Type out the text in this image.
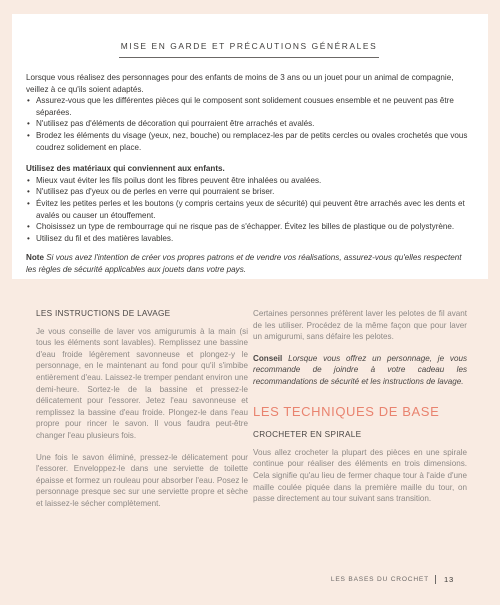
MISE EN GARDE ET PRÉCAUTIONS GÉNÉRALES

Lorsque vous réalisez des personnages pour des enfants de moins de 3 ans ou un jouet pour un animal de compagnie, veillez à ce qu'ils soient adaptés.

• Assurez-vous que les différentes pièces qui le composent sont solidement cousues ensemble et ne peuvent pas être séparées.
• N'utilisez pas d'éléments de décoration qui pourraient être arrachés et avalés.
• Brodez les éléments du visage (yeux, nez, bouche) ou remplacez-les par de petits cercles ou ovales crochetés que vous coudrez solidement en place.

Utilisez des matériaux qui conviennent aux enfants.

• Mieux vaut éviter les fils poilus dont les fibres peuvent être inhalées ou avalées.
• N'utilisez pas d'yeux ou de perles en verre qui pourraient se briser.
• Évitez les petites perles et les boutons (y compris certains yeux de sécurité) qui peuvent être arrachés avec les dents et avalés ou causer un étouffement.
• Choisissez un type de rembourrage qui ne risque pas de s'échapper. Évitez les billes de plastique ou de polystyrène.
• Utilisez du fil et des matières lavables.

Note Si vous avez l'intention de créer vos propres patrons et de vendre vos réalisations, assurez-vous qu'elles respectent les règles de sécurité applicables aux jouets dans votre pays.

LES INSTRUCTIONS DE LAVAGE

Je vous conseille de laver vos amigurumis à la main (si tous les éléments sont lavables). Remplissez une bassine d'eau froide légèrement savonneuse et plongez-y le personnage, en le maintenant au fond pour qu'il s'imbibe entièrement d'eau. Laissez-le tremper pendant environ une demi-heure. Sortez-le de la bassine et pressez-le délicatement pour l'essorer. Jetez l'eau savonneuse et remplissez la bassine d'eau froide. Plongez-le dans l'eau propre pour rincer le savon. Il vous faudra peut-être changer l'eau plusieurs fois.

Une fois le savon éliminé, pressez-le délicatement pour l'essorer. Enveloppez-le dans une serviette de toilette épaisse et formez un rouleau pour absorber l'eau. Posez le personnage presque sec sur une serviette propre et sèche et laissez-le sécher complètement.

Certaines personnes préfèrent laver les pelotes de fil avant de les utiliser. Procédez de la même façon que pour laver un amigurumi, sans défaire les pelotes.

Conseil Lorsque vous offrez un personnage, je vous recommande de joindre à votre cadeau les recommandations de sécurité et les instructions de lavage.

LES TECHNIQUES DE BASE
CROCHETER EN SPIRALE

Vous allez crocheter la plupart des pièces en une spirale continue pour réaliser des éléments en trois dimensions. Cela signifie qu'au lieu de fermer chaque tour à l'aide d'une maille coulée piquée dans la première maille du tour, on passe directement au tour suivant sans transition.

LES BASES DU CROCHET 13
